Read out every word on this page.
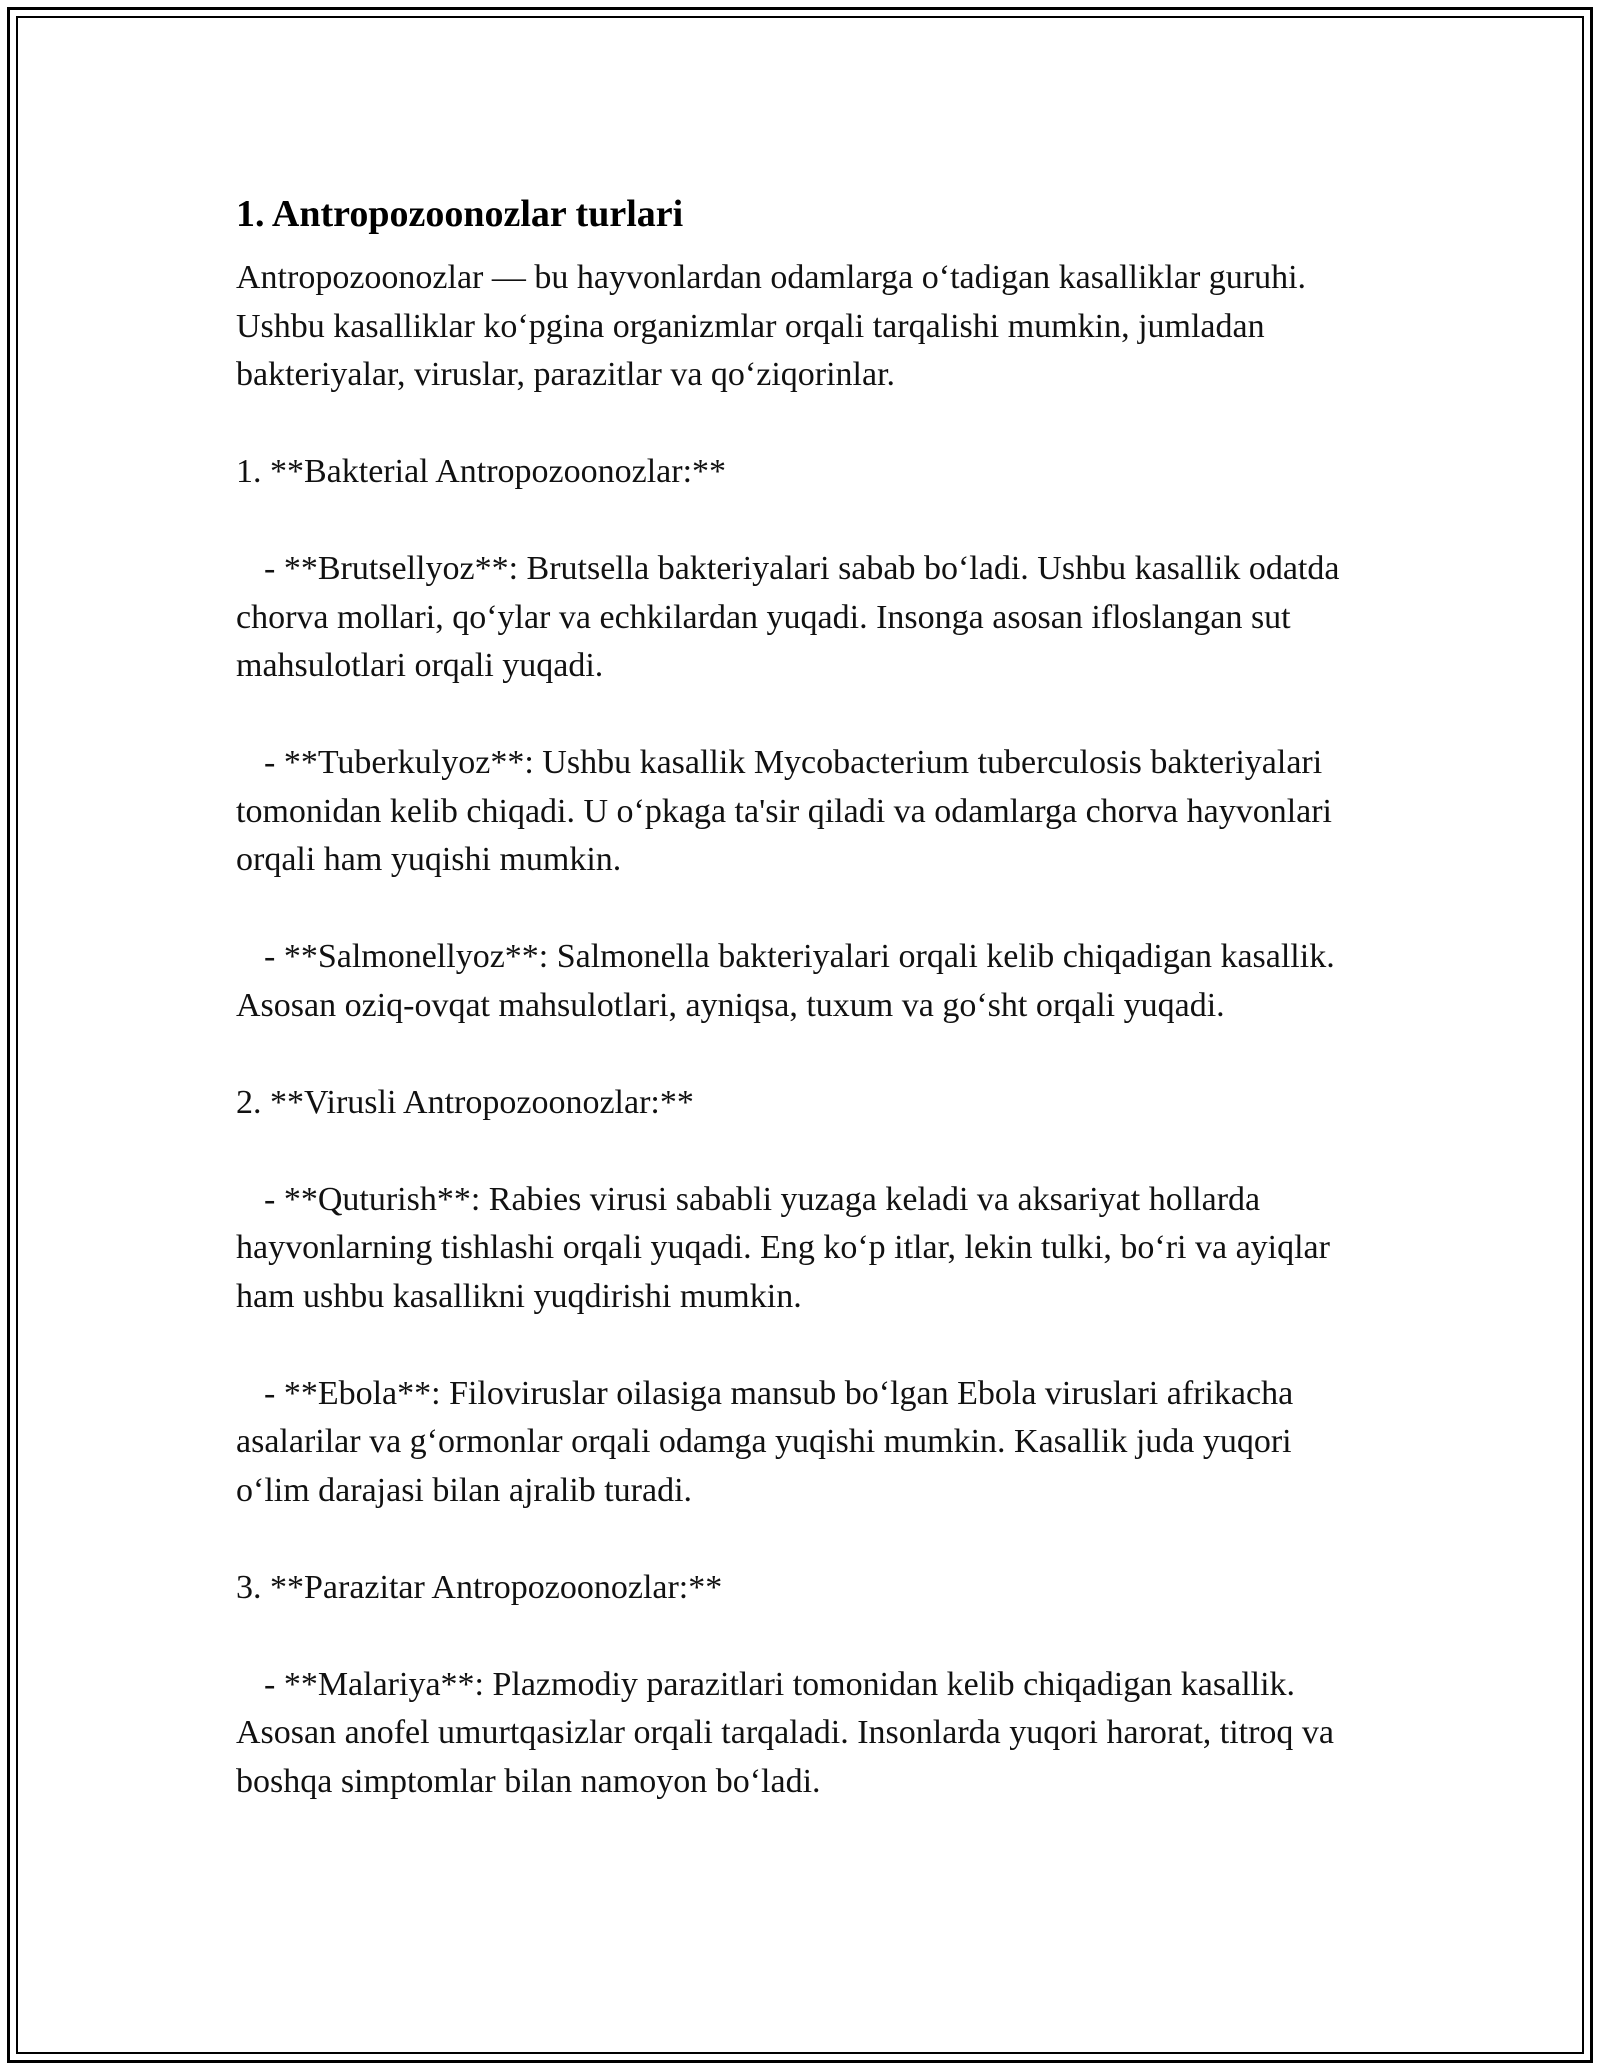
1. Antropozoonozlar turlari

Antropozoonozlar — bu hayvonlardan odamlarga o‘tadigan kasalliklar guruhi. Ushbu kasalliklar ko‘pgina organizmlar orqali tarqalishi mumkin, jumladan bakteriyalar, viruslar, parazitlar va qo‘ziqorinlar.

1. **Bakterial Antropozoonozlar:**

- **Brutsellyoz**: Brutsella bakteriyalari sabab bo‘ladi. Ushbu kasallik odatda chorva mollari, qo‘ylar va echkilardan yuqadi. Insonga asosan ifloslangan sut mahsulotlari orqali yuqadi.

- **Tuberkulyoz**: Ushbu kasallik Mycobacterium tuberculosis bakteriyalari tomonidan kelib chiqadi. U o‘pkaga ta'sir qiladi va odamlarga chorva hayvonlari orqali ham yuqishi mumkin.

- **Salmonellyoz**: Salmonella bakteriyalari orqali kelib chiqadigan kasallik. Asosan oziq-ovqat mahsulotlari, ayniqsa, tuxum va go‘sht orqali yuqadi.

2. **Virusli Antropozoonozlar:**

- **Quturish**: Rabies virusi sababli yuzaga keladi va aksariyat hollarda hayvonlarning tishlashi orqali yuqadi. Eng ko‘p itlar, lekin tulki, bo‘ri va ayiqlar ham ushbu kasallikni yuqdirishi mumkin.

- **Ebola**: Filoviruslar oilasiga mansub bo‘lgan Ebola viruslari afrikacha asalarilar va g‘ormonlar orqali odamga yuqishi mumkin. Kasallik juda yuqori o‘lim darajasi bilan ajralib turadi.

3. **Parazitar Antropozoonozlar:**

- **Malariya**: Plazmodiy parazitlari tomonidan kelib chiqadigan kasallik. Asosan anofel umurtqasizlar orqali tarqaladi. Insonlarda yuqori harorat, titroq va boshqa simptomlar bilan namoyon bo‘ladi.
